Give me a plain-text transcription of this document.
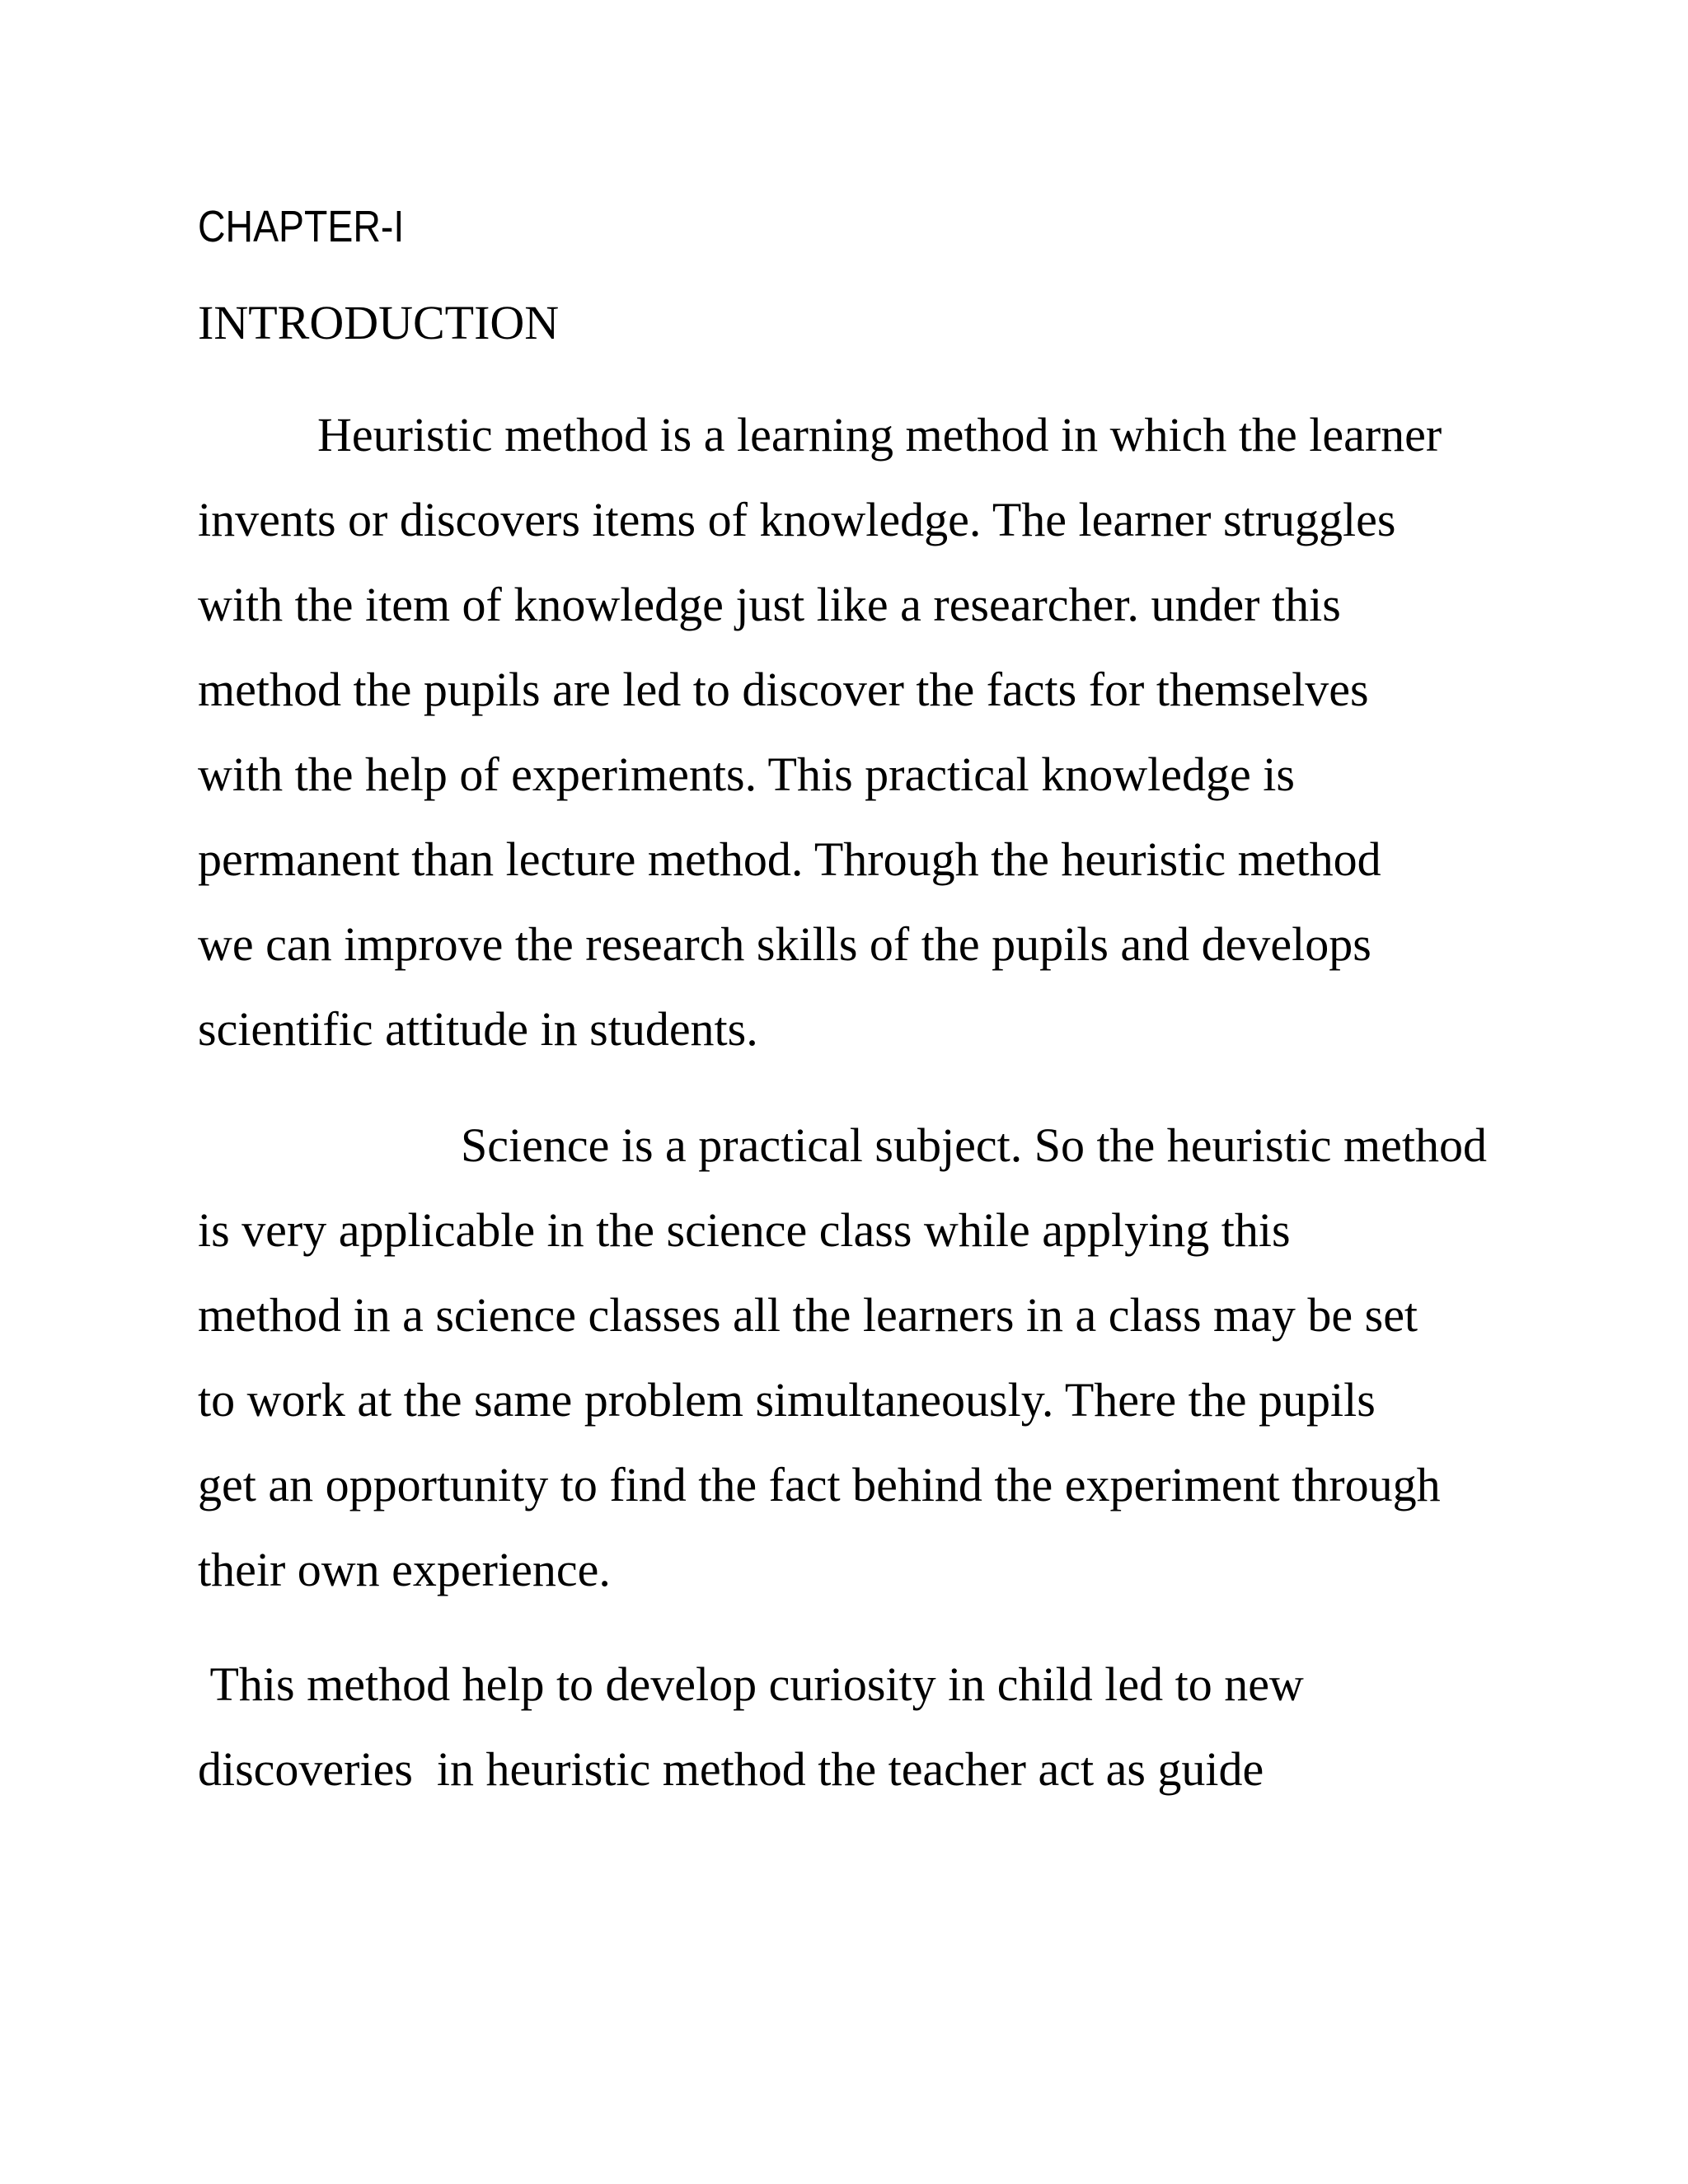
CHAPTER-I
INTRODUCTION
Heuristic method is a learning method in which the learner
invents or discovers items of knowledge. The learner struggles
with the item of knowledge just like a researcher. under this
method the pupils are led to discover the facts for themselves
with the help of experiments. This practical knowledge is
permanent than lecture method. Through the heuristic method
we can improve the research skills of the pupils and develops
scientific attitude in students.
Science is a practical subject. So the heuristic method
is very applicable in the science class while applying this
method in a science classes all the learners in a class may be set
to work at the same problem simultaneously. There the pupils
get an opportunity to find the fact behind the experiment through
their own experience.
This method help to develop curiosity in child led to new
discoveries  in heuristic method the teacher act as guide
